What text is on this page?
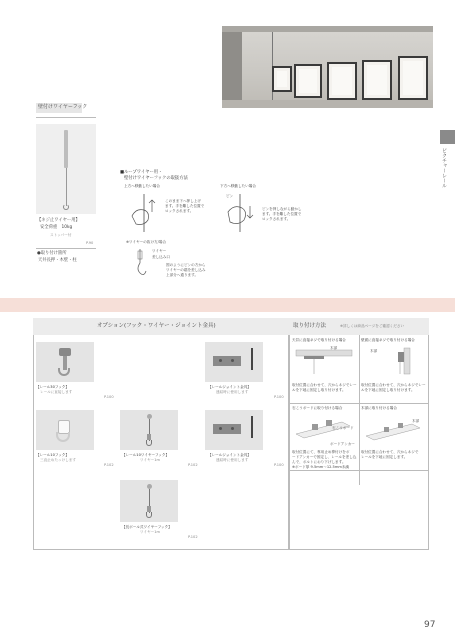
ピクチャーレール
壁付けワイヤーフック
【ネジ止ワイヤー用】
安全荷重　10kg
ストッパー付
P.90
●取り付け箇所
天井長押・木壁・柱
■ループワイヤー用・
壁付けワイヤーフックの取扱方法
上方へ移動したい場合	下方へ移動したい場合
このまま下へ押し上げ
ます。手を離した位置で
ロックされます。
ピン
ピンを押しながら動かし
ます。手を離した位置で
ロックされます。
※ワイヤーの抜け方/場合
ワイヤー
差し込み口
図のようにピンの方から
ワイヤーの端を差し込み
上部分へ通ります。
オプション(フック・ワイヤー・ジョイント金具)	取り付け方法	※詳しくは商品ページをご確認ください
【レール30フック】
レールに直接します
P.100
【レールジョイント金具】
連結時に使用します
P.100
【レール10フック】
三直止めたっけします
P.102
【レール10ワイヤーフック】
ワイヤー1m
P.102
【レールジョイント金具】
連結時に使用します
P.100
【長ボール式ワイヤーフック】
ワイヤー1m
P.102
天井に直接ネジで取り付ける場合
木部
取付位置に合わせて、穴からネジでレー
ルを下地に固定し取り付けます。
壁面に直接ネジで取り付ける場合
木部
取付位置に合わせて、穴からネジでレー
ルを下地に固定し取り付けます。
石こうボードに取り付ける場合
石こうボード
ボードアンカー
取付位置にて、専用止め棒付けをボ
ードアンカーで固定し、レールを差し込
んで、ボルトにおり下げします。
※ボード厚 9.5mm～12.5mm未満
木部に取り付ける場合
木部
取付位置に合わせて、穴からネジで
レールを下地に固定します。
97
